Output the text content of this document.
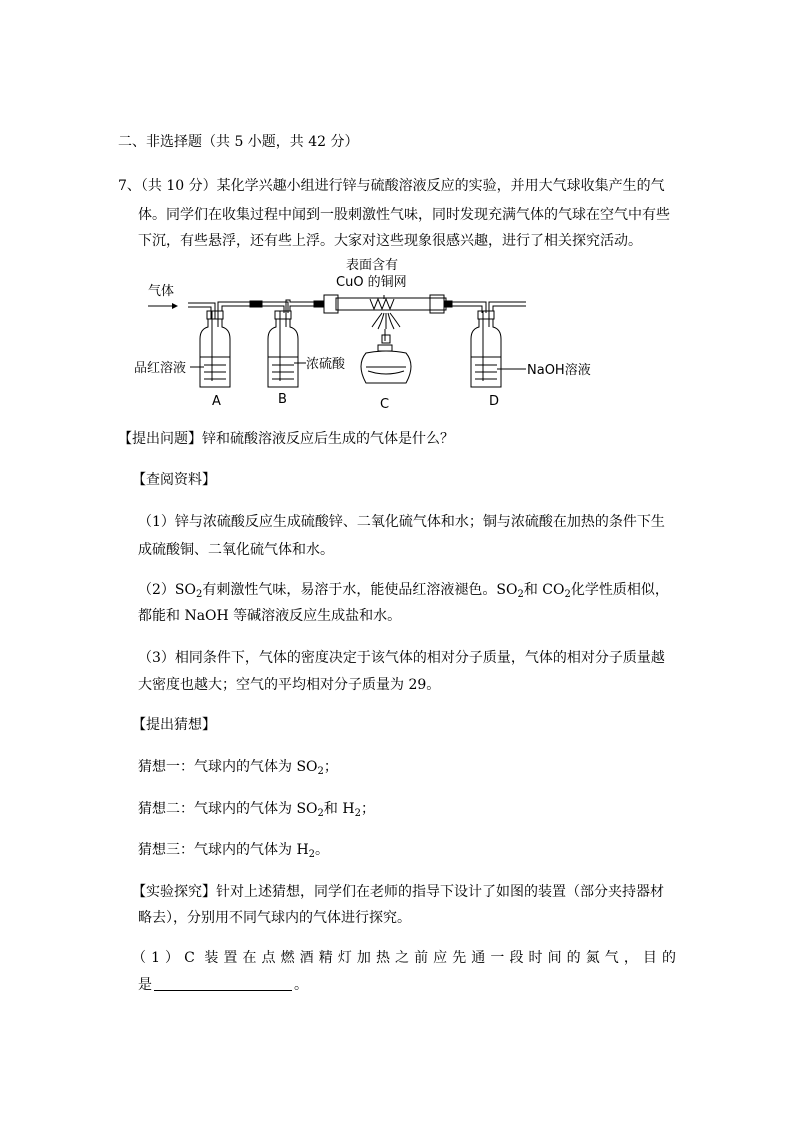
二、非选择题（共 5 小题，共 42 分）
7、（共 10 分）某化学兴趣小组进行锌与硫酸溶液反应的实验，并用大气球收集产生的气
体。同学们在收集过程中闻到一股刺激性气味，同时发现充满气体的气球在空气中有些
下沉，有些悬浮，还有些上浮。大家对这些现象很感兴趣，进行了相关探究活动。
表面含有
CuO 的铜网
气体
品红溶液	浓硫酸	NaOH溶液
A	B	C	D
【提出问题】锌和硫酸溶液反应后生成的气体是什么？
【查阅资料】
（1）锌与浓硫酸反应生成硫酸锌、二氧化硫气体和水；铜与浓硫酸在加热的条件下生
成硫酸铜、二氧化硫气体和水。
$(2)SO_2$有刺激性气味，易溶于水，能使品红溶液褪色。$SO_2$和 $CO_2$化学性质相似，
都能和 NaOH 等碱溶液反应生成盐和水。
（3）相同条件下，气体的密度决定于该气体的相对分子质量，气体的相对分子质量越
大密度也越大；空气的平均相对分子质量为 29。
【提出猜想】
猜想一：气球内的气体为 $SO_2$；
猜想二：气球内的气体为 $SO_2$和 $H_2$；
猜想三：气球内的气体为 $H_2$。
【实验探究】针对上述猜想，同学们在老师的指导下设计了如图的装置（部分夹持器材
略去），分别用不同气球内的气体进行探究。
（1）C 装置在点燃酒精灯加热之前应先通一段时间的氮气，目的
是	。
